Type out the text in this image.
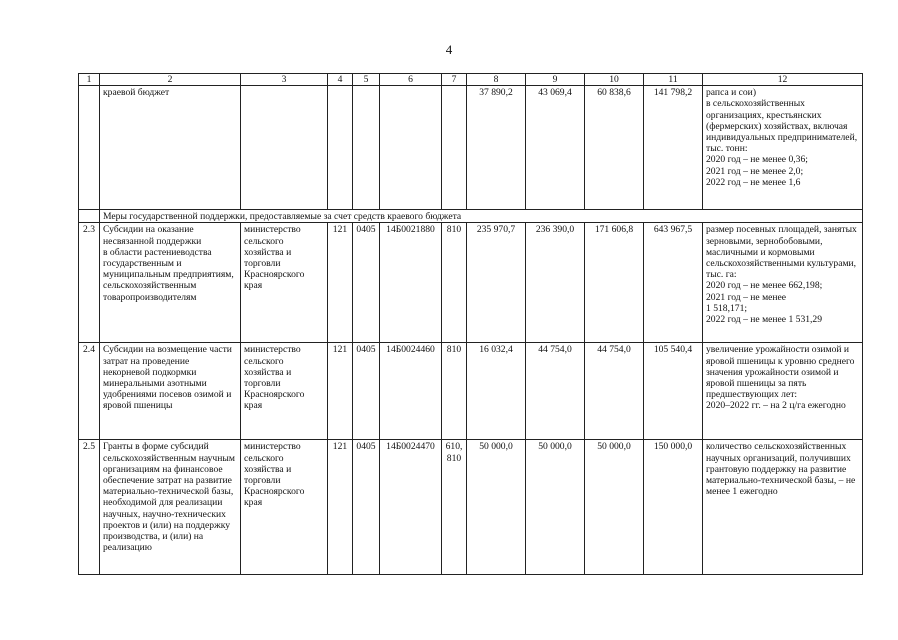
4
1	2	3	4	5	6	7	8	9	10	11	12
	краевой бюджет						37 890,2	43 069,4	60 838,6	141 798,2	рапса и сои)
в сельскохозяйственных организациях, крестьянских (фермерских) хозяйствах, включая индивидуальных предпринимателей, тыс. тонн:
2020 год – не менее 0,36;
2021 год – не менее 2,0;
2022 год – не менее 1,6
	Меры государственной поддержки, предоставляемые за счет средств краевого бюджета										
2.3	Субсидии на оказание несвязанной поддержки
в области растениеводства государственным и муниципальным предприятиям, сельскохозяйственным товаропроизводителям	министерство сельского хозяйства и торговли Красноярского края	121	0405	14Б0021880	810	235 970,7	236 390,0	171 606,8	643 967,5	размер посевных площадей, занятых зерновыми, зернобобовыми, масличными и кормовыми сельскохозяйственными культурами, тыс. га:
2020 год – не менее 662,198;
2021 год – не менее
1 518,171;
2022 год – не менее 1 531,29
2.4	Субсидии на возмещение части затрат на проведение некорневой подкормки минеральными азотными удобрениями посевов озимой и яровой пшеницы	министерство сельского хозяйства и торговли Красноярского края	121	0405	14Б0024460	810	16 032,4	44 754,0	44 754,0	105 540,4	увеличение урожайности озимой и яровой пшеницы к уровню среднего значения урожайности озимой и яровой пшеницы за пять предшествующих лет:
2020–2022 гг. – на 2 ц/га ежегодно
2.5	Гранты в форме субсидий сельскохозяйственным научным организациям на финансовое обеспечение затрат на развитие материально-технической базы, необходимой для реализации научных, научно-технических проектов и (или) на поддержку производства, и (или) на реализацию	министерство сельского хозяйства и торговли Красноярского края	121	0405	14Б0024470	610,
810	50 000,0	50 000,0	50 000,0	150 000,0	количество сельскохозяйственных научных организаций, получивших грантовую поддержку на развитие материально-технической базы, – не менее 1 ежегодно
